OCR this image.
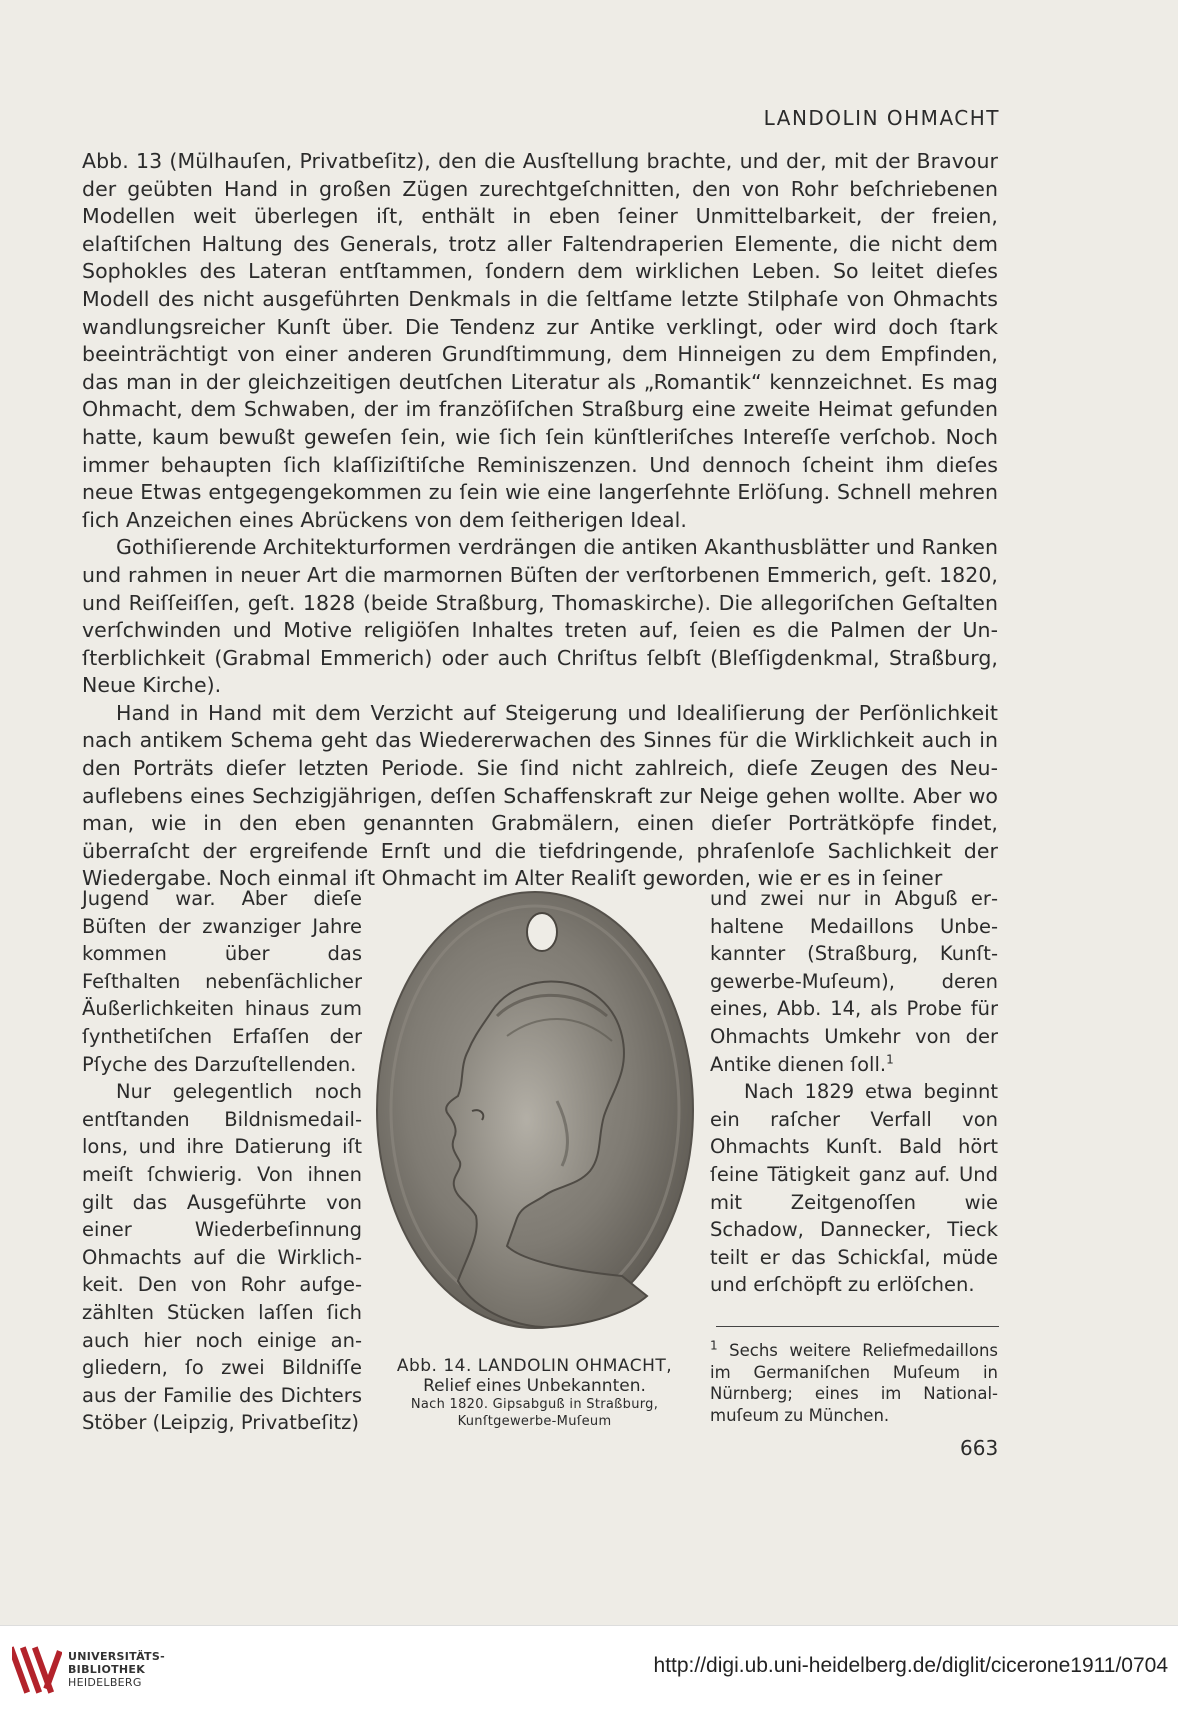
LANDOLIN OHMACHT

Abb. 13 (Mülhauſen, Privatbeſitz), den die Ausſtellung brachte, und der, mit der Bravour der geübten Hand in großen Zügen zurechtgeſchnitten, den von Rohr beſchriebenen Modellen weit überlegen iſt, enthält in eben ſeiner Unmittelbarkeit, der freien, elaſtiſchen Haltung des Generals, trotz aller Faltendraperien Elemente, die nicht dem Sophokles des Lateran entſtammen, ſondern dem wirklichen Leben. So leitet dieſes Modell des nicht ausgeführten Denkmals in die ſeltſame letzte Stilphaſe von Ohmachts wandlungsreicher Kunſt über. Die Tendenz zur Antike verklingt, oder wird doch ſtark beeinträchtigt von einer anderen Grundſtimmung, dem Hinneigen zu dem Empfinden, das man in der gleichzeitigen deutſchen Literatur als „Romantik“ kennzeichnet. Es mag Ohmacht, dem Schwaben, der im franzöſiſchen Straßburg eine zweite Heimat gefunden hatte, kaum bewußt geweſen ſein, wie ſich ſein künſtleriſches Intereſſe verſchob. Noch immer behaupten ſich klaſſiziſtiſche Reminiszenzen. Und dennoch ſcheint ihm dieſes neue Etwas entgegengekommen zu ſein wie eine langerſehnte Erlöſung. Schnell mehren ſich Anzeichen eines Abrückens von dem ſeitherigen Ideal.

Gothiſierende Architekturformen verdrängen die antiken Akanthusblätter und Ranken und rahmen in neuer Art die marmornen Büſten der verſtorbenen Emmerich, geſt. 1820, und Reiſſeiſſen, geſt. 1828 (beide Straßburg, Thomaskirche). Die allegoriſchen Geſtalten verſchwinden und Motive religiöſen Inhaltes treten auf, ſeien es die Palmen der Unſterblichkeit (Grabmal Emmerich) oder auch Chriſtus ſelbſt (Bleſſigdenkmal, Straßburg, Neue Kirche).

Hand in Hand mit dem Verzicht auf Steigerung und Idealiſierung der Perſönlichkeit nach antikem Schema geht das Wiedererwachen des Sinnes für die Wirklichkeit auch in den Porträts dieſer letzten Periode. Sie ſind nicht zahlreich, dieſe Zeugen des Neuauflebens eines Sechzigjährigen, deſſen Schaffenskraft zur Neige gehen wollte. Aber wo man, wie in den eben genannten Grabmälern, einen dieſer Porträtköpfe findet, überraſcht der ergreifende Ernſt und die tiefdringende, phraſenloſe Sachlichkeit der Wiedergabe. Noch einmal iſt Ohmacht im Alter Realiſt geworden, wie er es in ſeiner

Jugend war. Aber dieſe Büſten der zwanziger Jahre kommen über das Feſthalten nebenſächlicher Äußerlichkeiten hinaus zum ſynthetiſchen Erfaſſen der Pſyche des Darzuſtellenden.

Nur gelegentlich noch entſtanden Bildnismedaillons, und ihre Datierung iſt meiſt ſchwierig. Von ihnen gilt das Ausgeführte von einer Wiederbeſinnung Ohmachts auf die Wirklichkeit. Den von Rohr aufgezählten Stücken laſſen ſich auch hier noch einige angliedern, ſo zwei Bildniſſe aus der Familie des Dichters Stöber (Leipzig, Privatbeſitz)

Abb. 14. LANDOLIN OHMACHT,
Relief eines Unbekannten.
Nach 1820. Gipsabguß in Straßburg,
Kunſtgewerbe-Muſeum

und zwei nur in Abguß erhaltene Medaillons Unbekannter (Straßburg, Kunſtgewerbe-Muſeum), deren eines, Abb. 14, als Probe für Ohmachts Umkehr von der Antike dienen ſoll.$^1$

Nach 1829 etwa beginnt ein raſcher Verfall von Ohmachts Kunſt. Bald hört ſeine Tätigkeit ganz auf. Und mit Zeitgenoſſen wie Schadow, Dannecker, Tieck teilt er das Schickſal, müde und erſchöpft zu erlöſchen.

$^1$ Sechs weitere Reliefmedaillons im Germaniſchen Muſeum in Nürnberg; eines im Nationalmuſeum zu München.
663
UNIVERSITÄTS-
BIBLIOTHEK
HEIDELBERG
http://digi.ub.uni-heidelberg.de/diglit/cicerone1911/0704
